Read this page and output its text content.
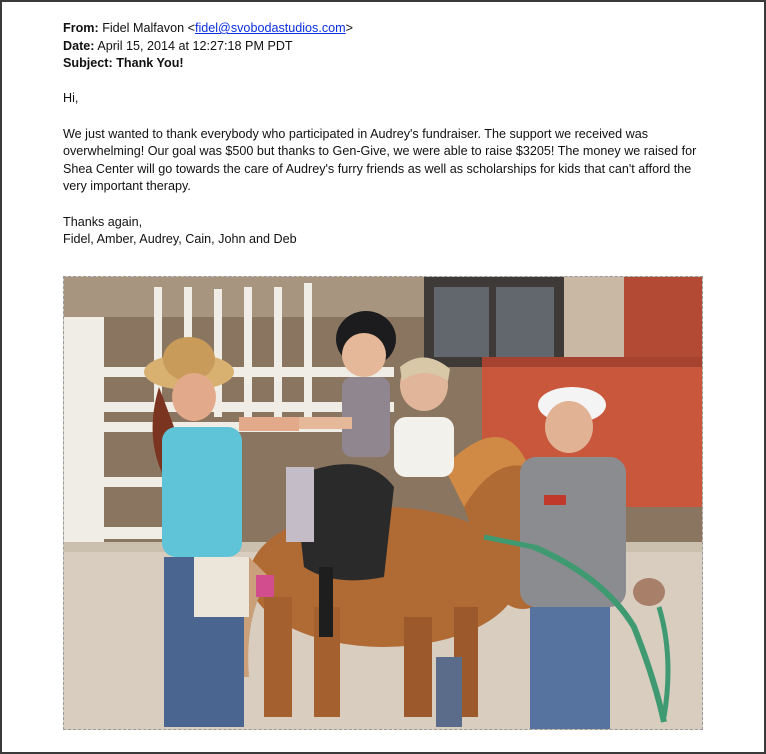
From: Fidel Malfavon <fidel@svobodastudios.com>
Date: April 15, 2014 at 12:27:18 PM PDT
Subject: Thank You!

Hi,

We just wanted to thank everybody who participated in Audrey's fundraiser. The support we received was overwhelming! Our goal was $500 but thanks to Gen-Give, we were able to raise $3205! The money we raised for Shea Center will go towards the care of Audrey's furry friends as well as scholarships for kids that can't afford the very important therapy.

Thanks again,

Fidel, Amber, Audrey, Cain, John and Deb
